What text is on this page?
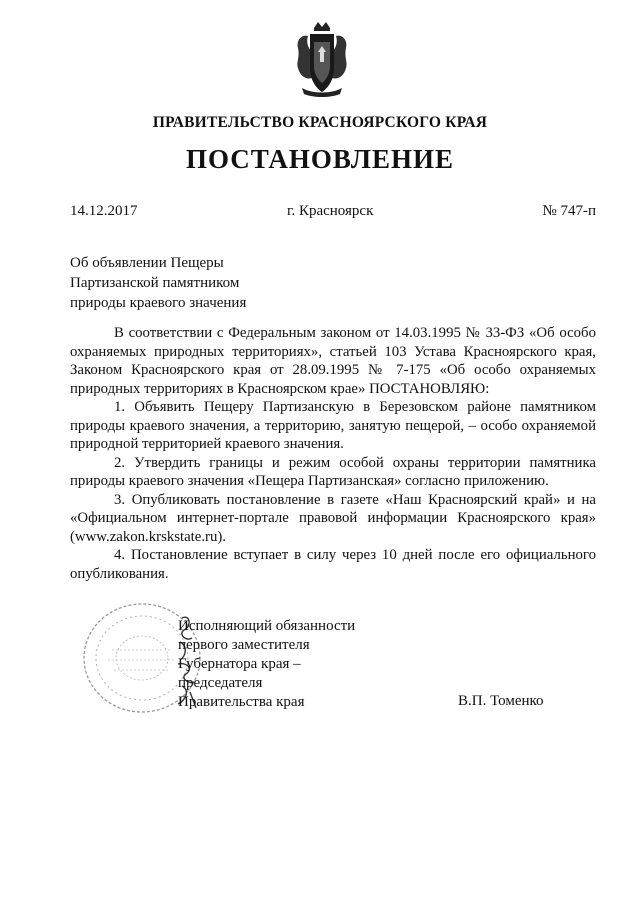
ПРАВИТЕЛЬСТВО КРАСНОЯРСКОГО КРАЯ
ПОСТАНОВЛЕНИЕ
14.12.2017	г. Красноярск	№ 747-п
Об объявлении Пещеры
Партизанской памятником
природы краевого значения

В соответствии с Федеральным законом от 14.03.1995 № 33-ФЗ «Об особо охраняемых природных территориях», статьей 103 Устава Красноярского края, Законом Красноярского края от 28.09.1995 № 7-175 «Об особо охраняемых природных территориях в Красноярском крае» ПОСТАНОВЛЯЮ:

1. Объявить Пещеру Партизанскую в Березовском районе памятником природы краевого значения, а территорию, занятую пещерой, – особо охраняемой природной территорией краевого значения.

2. Утвердить границы и режим особой охраны территории памятника природы краевого значения «Пещера Партизанская» согласно приложению.

3. Опубликовать постановление в газете «Наш Красноярский край» и на «Официальном интернет-портале правовой информации Красноярского края» (www.zakon.krskstate.ru).

4. Постановление вступает в силу через 10 дней после его официального опубликования.

Исполняющий обязанности
первого заместителя
Губернатора края –
председателя
Правительства края	В.П. Томенко
